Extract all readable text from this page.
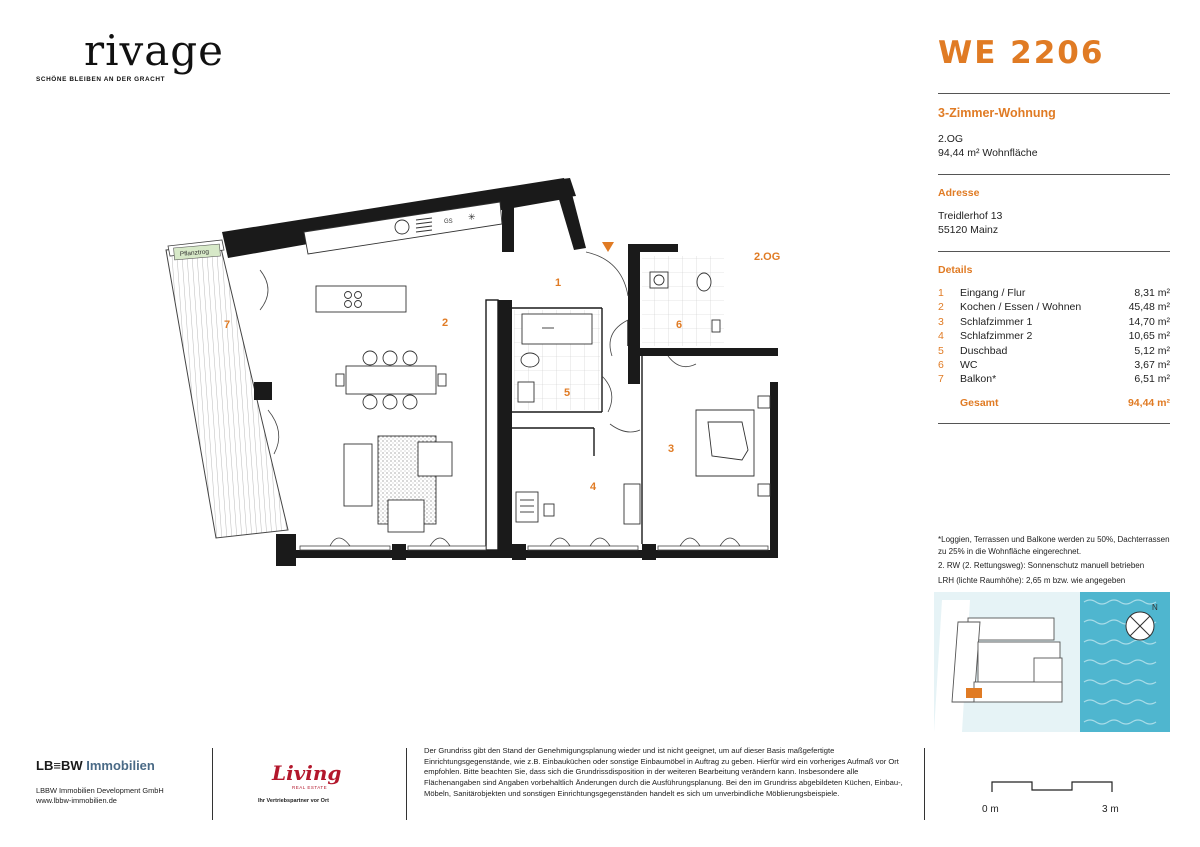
rivage
SCHÖNE BLEIBEN AN DER GRACHT
GS ✳
1
2
3
4
5
6
7
2.OG
Pflanztrog
WE 2206
3-Zimmer-Wohnung
2.OG
94,44 m² Wohnfläche
Adresse
Treidlerhof 13
55120 Mainz
Details
1	Eingang / Flur	8,31 m²
2	Kochen / Essen / Wohnen	45,48 m²
3	Schlafzimmer 1	14,70 m²
4	Schlafzimmer 2	10,65 m²
5	Duschbad	5,12 m²
6	WC	3,67 m²
7	Balkon*	6,51 m²
Gesamt	94,44 m²

*Loggien, Terrassen und Balkone werden zu 50%, Dachterrassen zu 25% in die Wohnfläche eingerechnet.

2. RW (2. Rettungsweg): Sonnenschutz manuell betrieben

LRH (lichte Raumhöhe): 2,65 m bzw. wie angegeben

N
LB≡BW Immobilien
LBBW Immobilien Development GmbH
www.lbbw-immobilien.de
Living
REAL ESTATE
Ihr Vertriebspartner vor Ort
Der Grundriss gibt den Stand der Genehmigungsplanung wieder und ist nicht geeignet, um auf dieser Basis maßgefertigte Einrichtungsgegenstände, wie z.B. Einbauküchen oder sonstige Einbaumöbel in Auftrag zu geben. Hierfür wird ein vorheriges Aufmaß vor Ort empfohlen. Bitte beachten Sie, dass sich die Grundrissdisposition in der weiteren Bearbeitung verändern kann. Insbesondere alle Flächenangaben sind Angaben vorbehaltlich Änderungen durch die Ausführungsplanung. Bei den im Grundriss abgebildeten Küchen, Einbau-, Möbeln, Sanitärobjekten und sonstigen Einrichtungsgegenständen handelt es sich um unverbindliche Möblierungsbeispiele.
0 m	3 m
